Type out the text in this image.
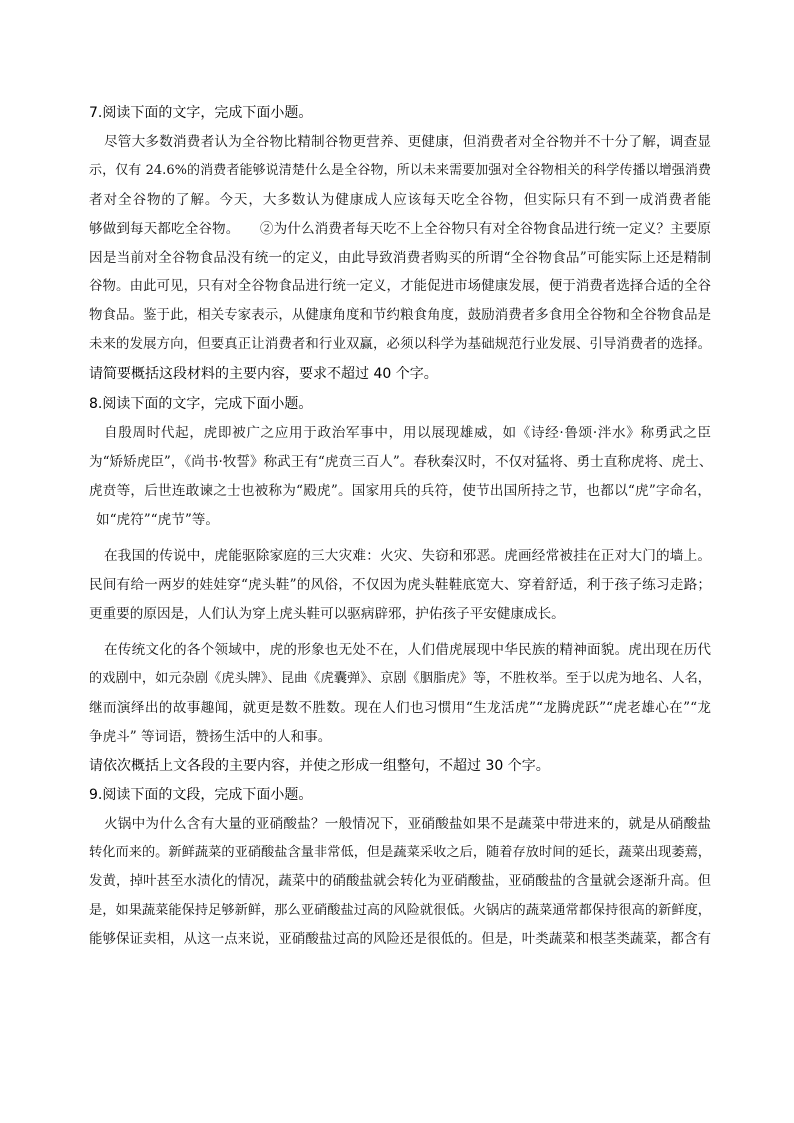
7.阅读下面的文字，完成下面小题。
尽管大多数消费者认为全谷物比精制谷物更营养、更健康，但消费者对全谷物并不十分了解，调查显
示，仅有 24.6%的消费者能够说清楚什么是全谷物，所以未来需要加强对全谷物相关的科学传播以增强消费
者对全谷物的了解。今天，大多数认为健康成人应该每天吃全谷物，但实际只有不到一成消费者能
够做到每天都吃全谷物。　　②为什么消费者每天吃不上全谷物只有对全谷物食品进行统一定义？主要原
因是当前对全谷物食品没有统一的定义，由此导致消费者购买的所谓“全谷物食品”可能实际上还是精制
谷物。由此可见，只有对全谷物食品进行统一定义，才能促进市场健康发展，便于消费者选择合适的全谷
物食品。鉴于此，相关专家表示，从健康角度和节约粮食角度，鼓励消费者多食用全谷物和全谷物食品是
未来的发展方向，但要真正让消费者和行业双赢，必须以科学为基础规范行业发展、引导消费者的选择。
请简要概括这段材料的主要内容，要求不超过 40 个字。
8.阅读下面的文字，完成下面小题。
自殷周时代起，虎即被广之应用于政治军事中，用以展现雄威，如《诗经·鲁颂·泮水》称勇武之臣
为“矫矫虎臣”，《尚书·牧誓》称武王有“虎贲三百人”。春秋秦汉时，不仅对猛将、勇士直称虎将、虎士、
虎贲等，后世连敢谏之士也被称为“殿虎”。国家用兵的兵符，使节出国所持之节，也都以“虎”字命名，
如“虎符”“虎节”等。
在我国的传说中，虎能驱除家庭的三大灾难：火灾、失窃和邪恶。虎画经常被挂在正对大门的墙上。
民间有给一两岁的娃娃穿“虎头鞋”的风俗，不仅因为虎头鞋鞋底宽大、穿着舒适，利于孩子练习走路；
更重要的原因是，人们认为穿上虎头鞋可以驱病辟邪，护佑孩子平安健康成长。
在传统文化的各个领域中，虎的形象也无处不在，人们借虎展现中华民族的精神面貌。虎出现在历代
的戏剧中，如元杂剧《虎头牌》、昆曲《虎囊弹》、京剧《胭脂虎》等，不胜枚举。至于以虎为地名、人名，
继而演绎出的故事趣闻，就更是数不胜数。现在人们也习惯用“生龙活虎”“龙腾虎跃”“虎老雄心在”“龙
争虎斗” 等词语，赞扬生活中的人和事。
请依次概括上文各段的主要内容，并使之形成一组整句，不超过 30 个字。
9.阅读下面的文段，完成下面小题。
火锅中为什么含有大量的亚硝酸盐？一般情况下，亚硝酸盐如果不是蔬菜中带进来的，就是从硝酸盐
转化而来的。新鲜蔬菜的亚硝酸盐含量非常低，但是蔬菜采收之后，随着存放时间的延长，蔬菜出现萎蔫，
发黄，掉叶甚至水渍化的情况，蔬菜中的硝酸盐就会转化为亚硝酸盐，亚硝酸盐的含量就会逐渐升高。但
是，如果蔬菜能保持足够新鲜，那么亚硝酸盐过高的风险就很低。火锅店的蔬菜通常都保持很高的新鲜度，
能够保证卖相，从这一点来说，亚硝酸盐过高的风险还是很低的。但是，叶类蔬菜和根茎类蔬菜，都含有
